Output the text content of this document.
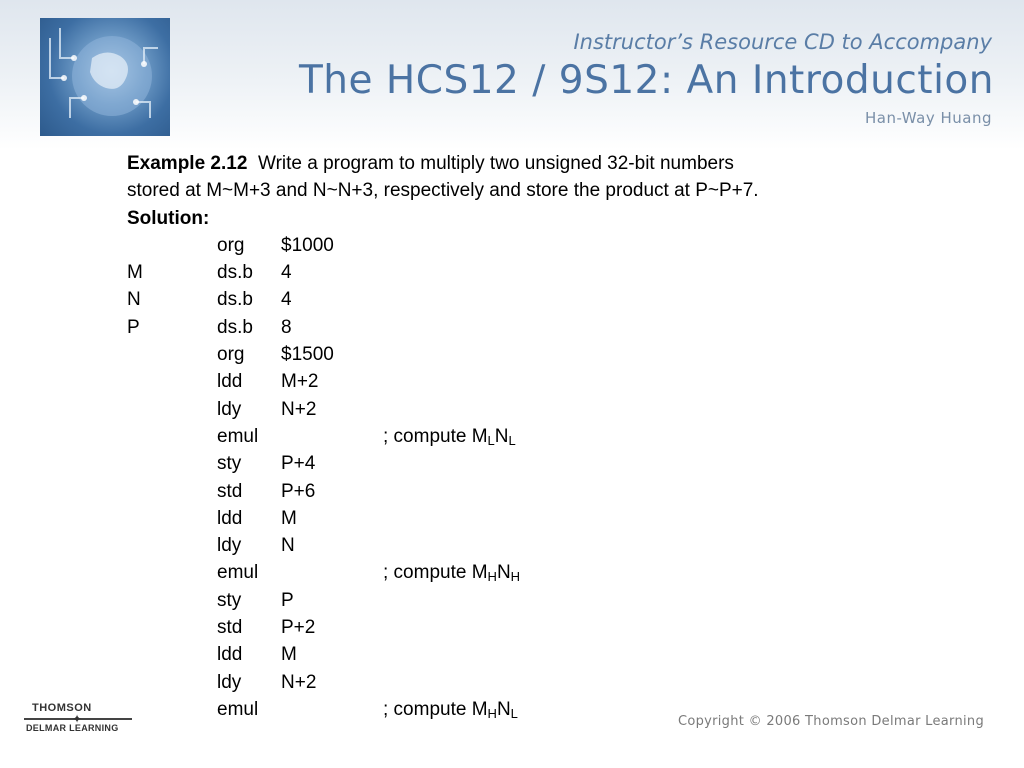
Instructor’s Resource CD to Accompany
The HCS12 / 9S12: An Introduction
Han-Way Huang
Example 2.12 Write a program to multiply two unsigned 32-bit numbers
stored at M~M+3 and N~N+3, respectively and store the product at P~P+7.
Solution:
org $1000
M	ds.b 4
N	ds.b 4
P	ds.b 8
org $1500
ldd M+2
ldy N+2
emul	; compute $M_LN_L$
sty P+4
std P+6
ldd M
ldy N
emul	; compute $M_HN_H$
sty P
std P+2
ldd M
ldy N+2
emul	; compute $M_HN_L$
THOMSON
✦
DELMAR LEARNING	Copyright © 2006 Thomson Delmar Learning
